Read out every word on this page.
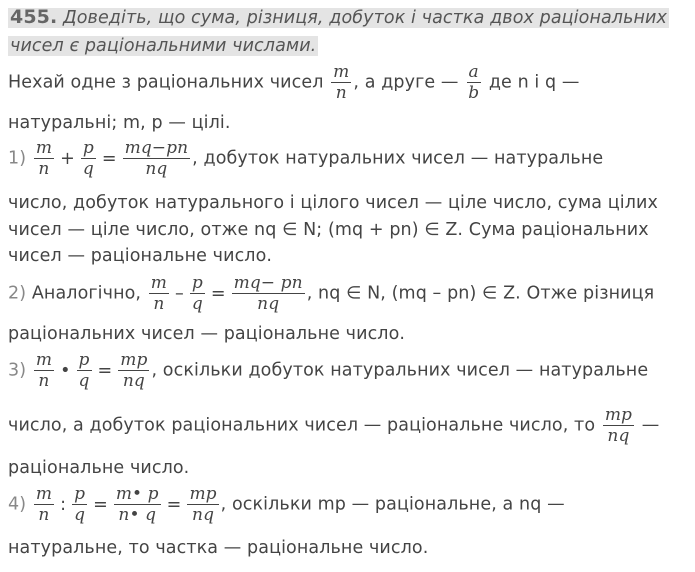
455. Доведіть, що сума, різниця, добуток і частка двох раціональних
чисел є раціональними числами.
Нехай одне з раціональних чисел $\frac{m}{n}$ , а друге — $\frac{a}{b}$ де n і q —
натуральні; m, p — цілі.
$1) \frac{m}{n} + \frac{p}{q} = \frac{mq-pn}{nq}$ , добуток натуральних чисел — натуральне
число, добуток натурального і цілого чисел — ціле число, сума цілих
чисел — ціле число, отже nq ∈ N; (mq + pn) ∈ Z. Сума раціональних
чисел — раціональне число.
2) Аналогічно, $\frac{m}{n} - \frac{p}{q} = \frac{mq- pn}{nq}$ , nq ∈ N, (mq – pn) ∈ Z. Отже різниця
раціональних чисел — раціональне число.
$3) \frac{m}{n}$ • $\frac{p}{q} = \frac{mp}{nq}$ , оскільки добуток натуральних чисел — натуральне
число, а добуток раціональних чисел — раціональне число, то $\frac{mp}{nq}$ —
раціональне число.
$4) \frac{m}{n}$ : $\frac{p}{q} = \frac{m• p}{n• q} = \frac{mp}{nq}$ , оскільки mp — раціональне, а nq —
натуральне, то частка — раціональне число.
